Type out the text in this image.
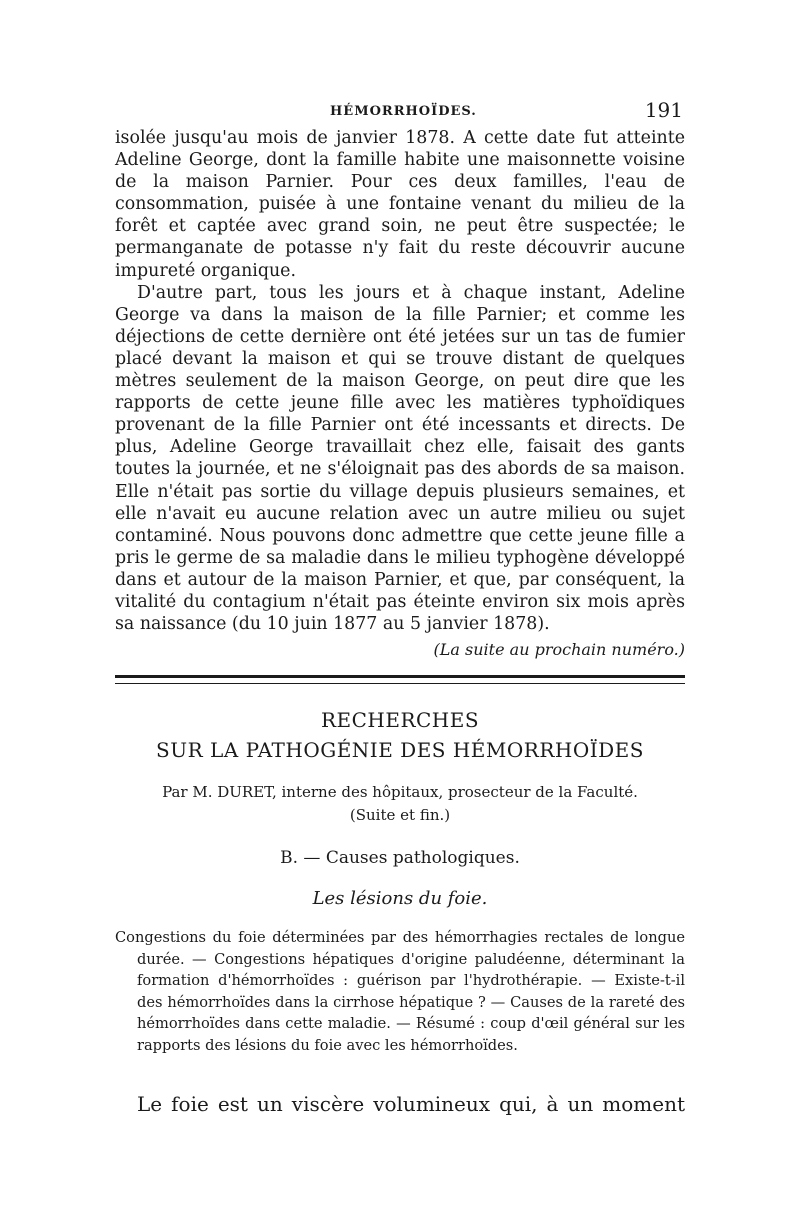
HÉMORRHOÏDES.	191

isolée jusqu'au mois de janvier 1878. A cette date fut atteinte Adeline George, dont la famille habite une maisonnette voisine de la maison Parnier. Pour ces deux familles, l'eau de consommation, puisée à une fontaine venant du milieu de la forêt et captée avec grand soin, ne peut être suspectée; le permanganate de potasse n'y fait du reste découvrir aucune impureté organique.

D'autre part, tous les jours et à chaque instant, Adeline George va dans la maison de la fille Parnier; et comme les déjections de cette dernière ont été jetées sur un tas de fumier placé devant la maison et qui se trouve distant de quelques mètres seulement de la maison George, on peut dire que les rapports de cette jeune fille avec les matières typhoïdiques provenant de la fille Parnier ont été incessants et directs. De plus, Adeline George travaillait chez elle, faisait des gants toutes la journée, et ne s'éloignait pas des abords de sa maison. Elle n'était pas sortie du village depuis plusieurs semaines, et elle n'avait eu aucune relation avec un autre milieu ou sujet contaminé. Nous pouvons donc admettre que cette jeune fille a pris le germe de sa maladie dans le milieu typhogène développé dans et autour de la maison Parnier, et que, par conséquent, la vitalité du contagium n'était pas éteinte environ six mois après sa naissance (du 10 juin 1877 au 5 janvier 1878).

(La suite au prochain numéro.)
RECHERCHES
SUR LA PATHOGÉNIE DES HÉMORRHOÏDES
Par M. DURET, interne des hôpitaux, prosecteur de la Faculté.
(Suite et fin.)
B. — Causes pathologiques.
Les lésions du foie.
Congestions du foie déterminées par des hémorrhagies rectales de longue durée. — Congestions hépatiques d'origine paludéenne, déterminant la formation d'hémorrhoïdes : guérison par l'hydrothérapie. — Existe-t-il des hémorrhoïdes dans la cirrhose hépatique ? — Causes de la rareté des hémorrhoïdes dans cette maladie. — Résumé : coup d'œil général sur les rapports des lésions du foie avec les hémorrhoïdes.
Le foie est un viscère volumineux qui, à un moment
